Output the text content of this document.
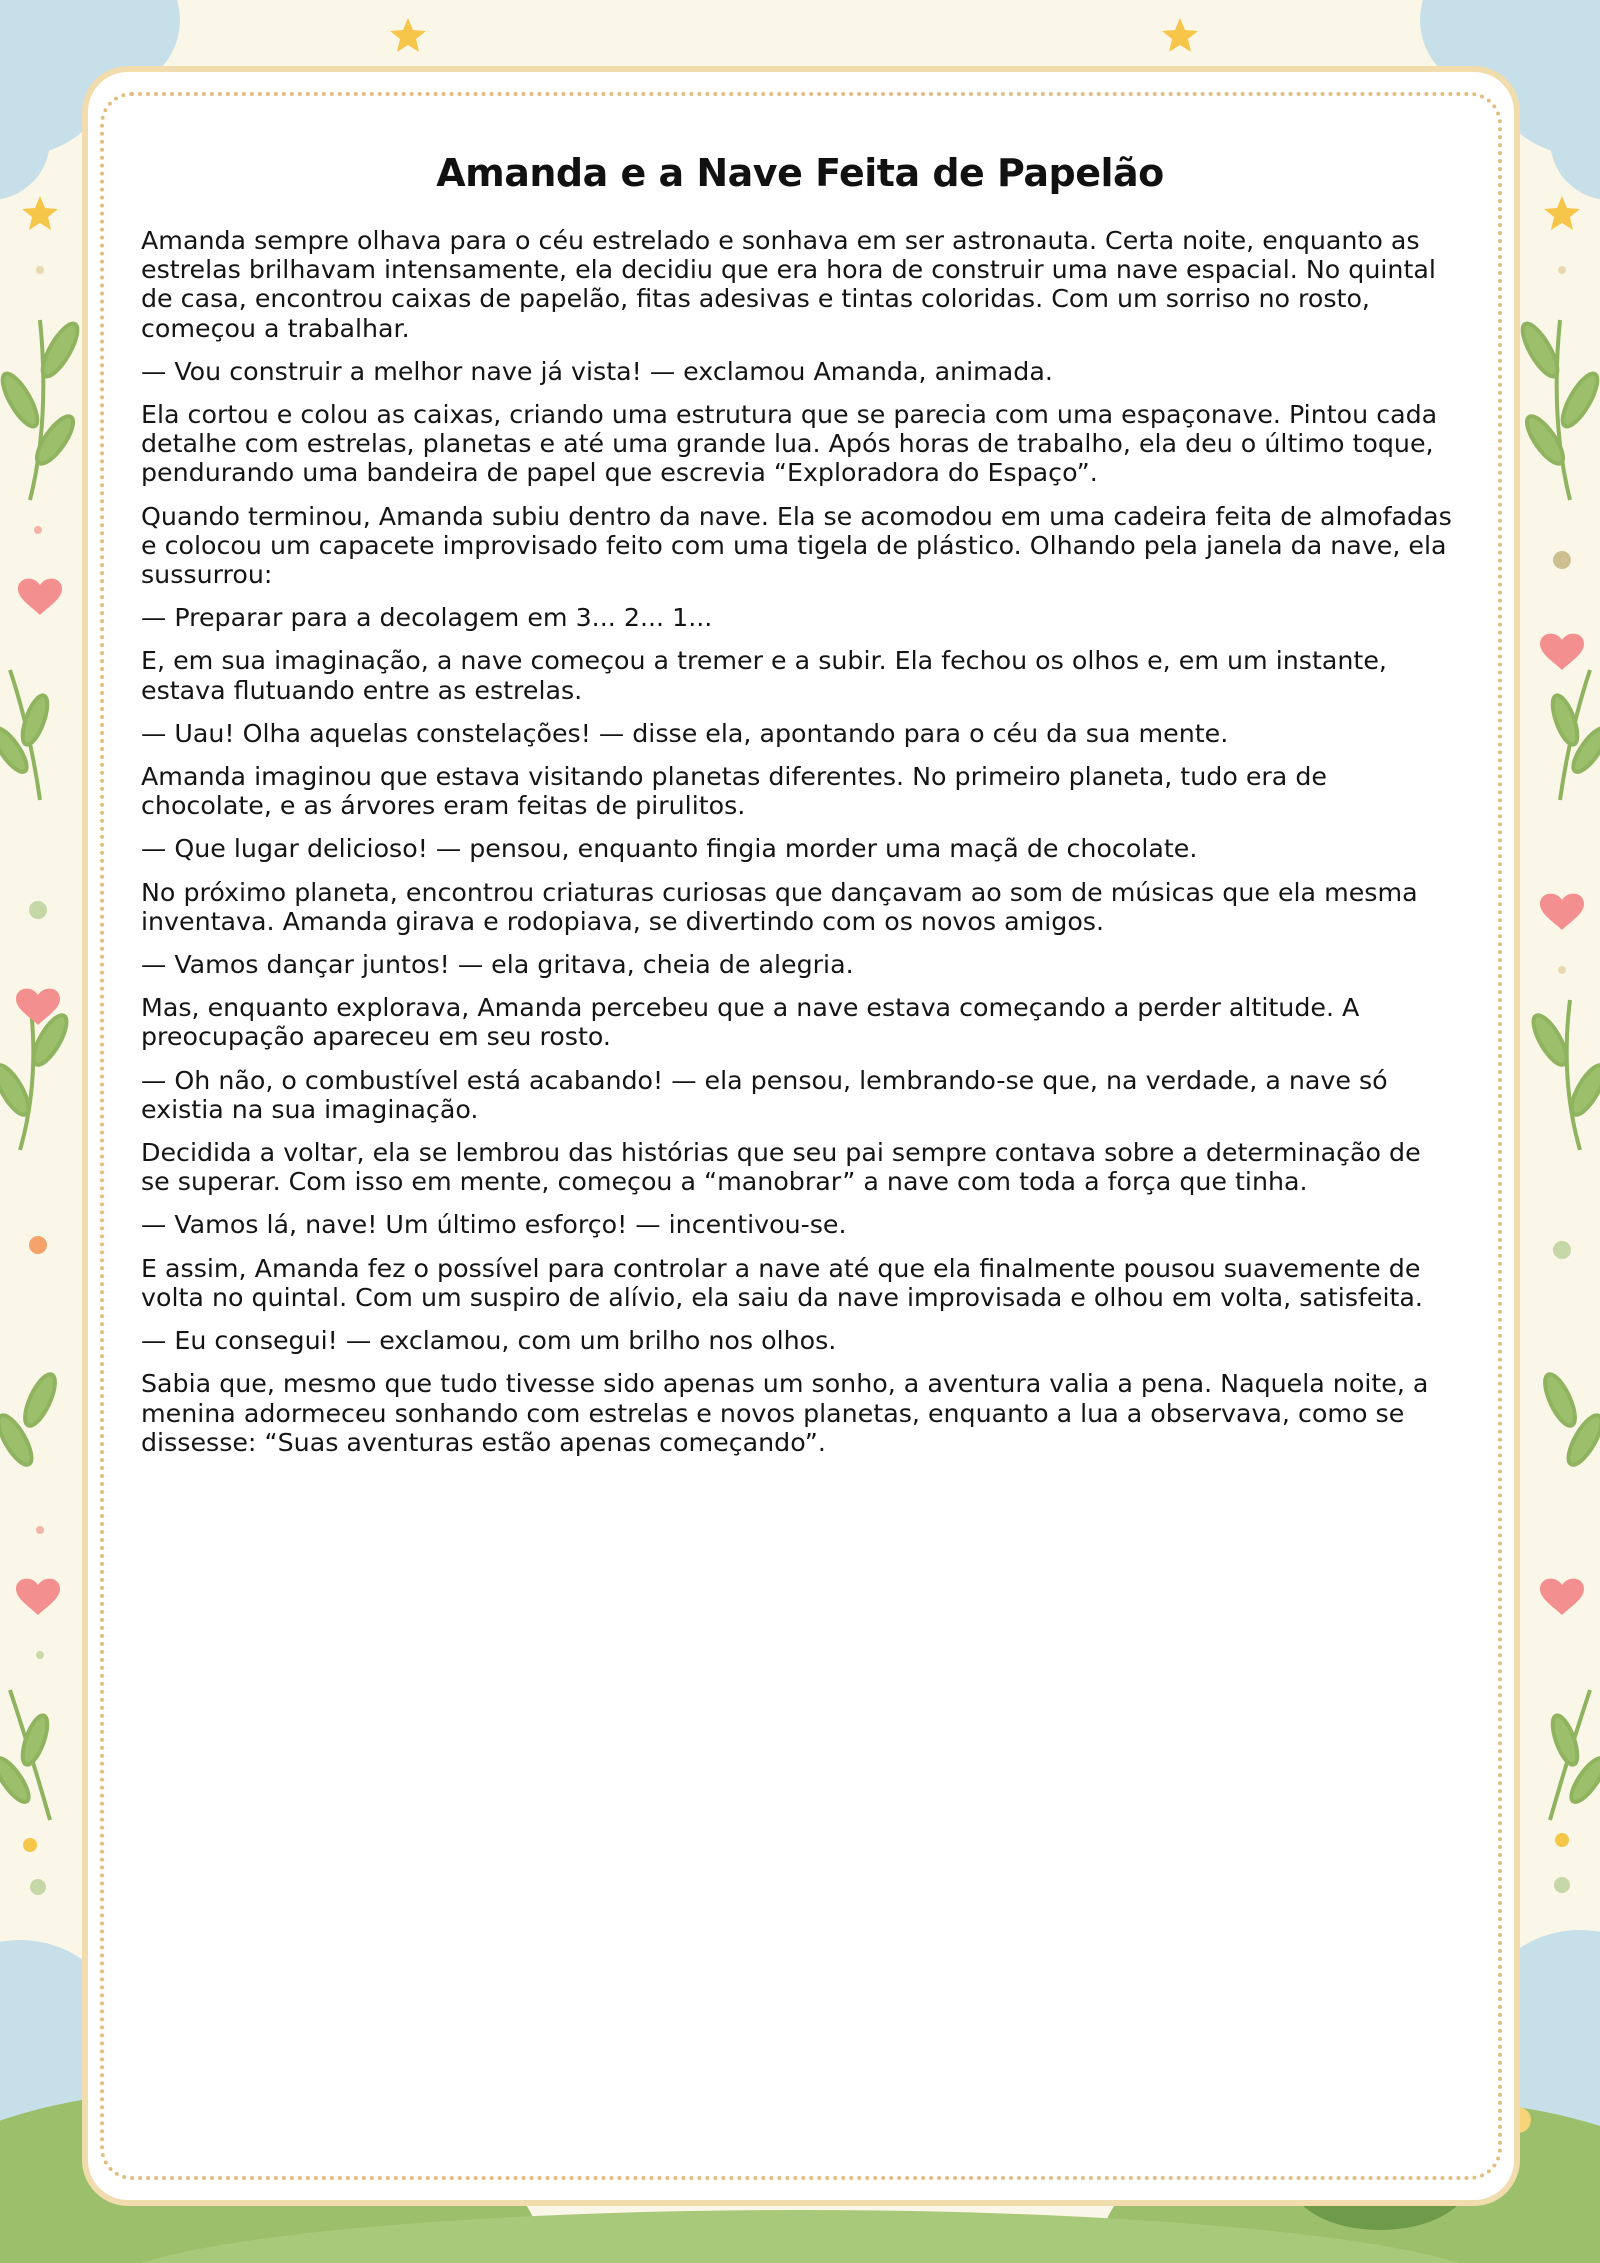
Amanda e a Nave Feita de Papelão

Amanda sempre olhava para o céu estrelado e sonhava em ser astronauta. Certa noite, enquanto as estrelas brilhavam intensamente, ela decidiu que era hora de construir uma nave espacial. No quintal de casa, encontrou caixas de papelão, fitas adesivas e tintas coloridas. Com um sorriso no rosto, começou a trabalhar.

— Vou construir a melhor nave já vista! — exclamou Amanda, animada.

Ela cortou e colou as caixas, criando uma estrutura que se parecia com uma espaçonave. Pintou cada detalhe com estrelas, planetas e até uma grande lua. Após horas de trabalho, ela deu o último toque, pendurando uma bandeira de papel que escrevia “Exploradora do Espaço”.

Quando terminou, Amanda subiu dentro da nave. Ela se acomodou em uma cadeira feita de almofadas e colocou um capacete improvisado feito com uma tigela de plástico. Olhando pela janela da nave, ela sussurrou:

— Preparar para a decolagem em 3... 2... 1...

E, em sua imaginação, a nave começou a tremer e a subir. Ela fechou os olhos e, em um instante, estava flutuando entre as estrelas.

— Uau! Olha aquelas constelações! — disse ela, apontando para o céu da sua mente.

Amanda imaginou que estava visitando planetas diferentes. No primeiro planeta, tudo era de chocolate, e as árvores eram feitas de pirulitos.

— Que lugar delicioso! — pensou, enquanto fingia morder uma maçã de chocolate.

No próximo planeta, encontrou criaturas curiosas que dançavam ao som de músicas que ela mesma inventava. Amanda girava e rodopiava, se divertindo com os novos amigos.

— Vamos dançar juntos! — ela gritava, cheia de alegria.

Mas, enquanto explorava, Amanda percebeu que a nave estava começando a perder altitude. A preocupação apareceu em seu rosto.

— Oh não, o combustível está acabando! — ela pensou, lembrando-se que, na verdade, a nave só existia na sua imaginação.

Decidida a voltar, ela se lembrou das histórias que seu pai sempre contava sobre a determinação de se superar. Com isso em mente, começou a “manobrar” a nave com toda a força que tinha.

— Vamos lá, nave! Um último esforço! — incentivou-se.

E assim, Amanda fez o possível para controlar a nave até que ela finalmente pousou suavemente de volta no quintal. Com um suspiro de alívio, ela saiu da nave improvisada e olhou em volta, satisfeita.

— Eu consegui! — exclamou, com um brilho nos olhos.

Sabia que, mesmo que tudo tivesse sido apenas um sonho, a aventura valia a pena. Naquela noite, a menina adormeceu sonhando com estrelas e novos planetas, enquanto a lua a observava, como se dissesse: “Suas aventuras estão apenas começando”.
